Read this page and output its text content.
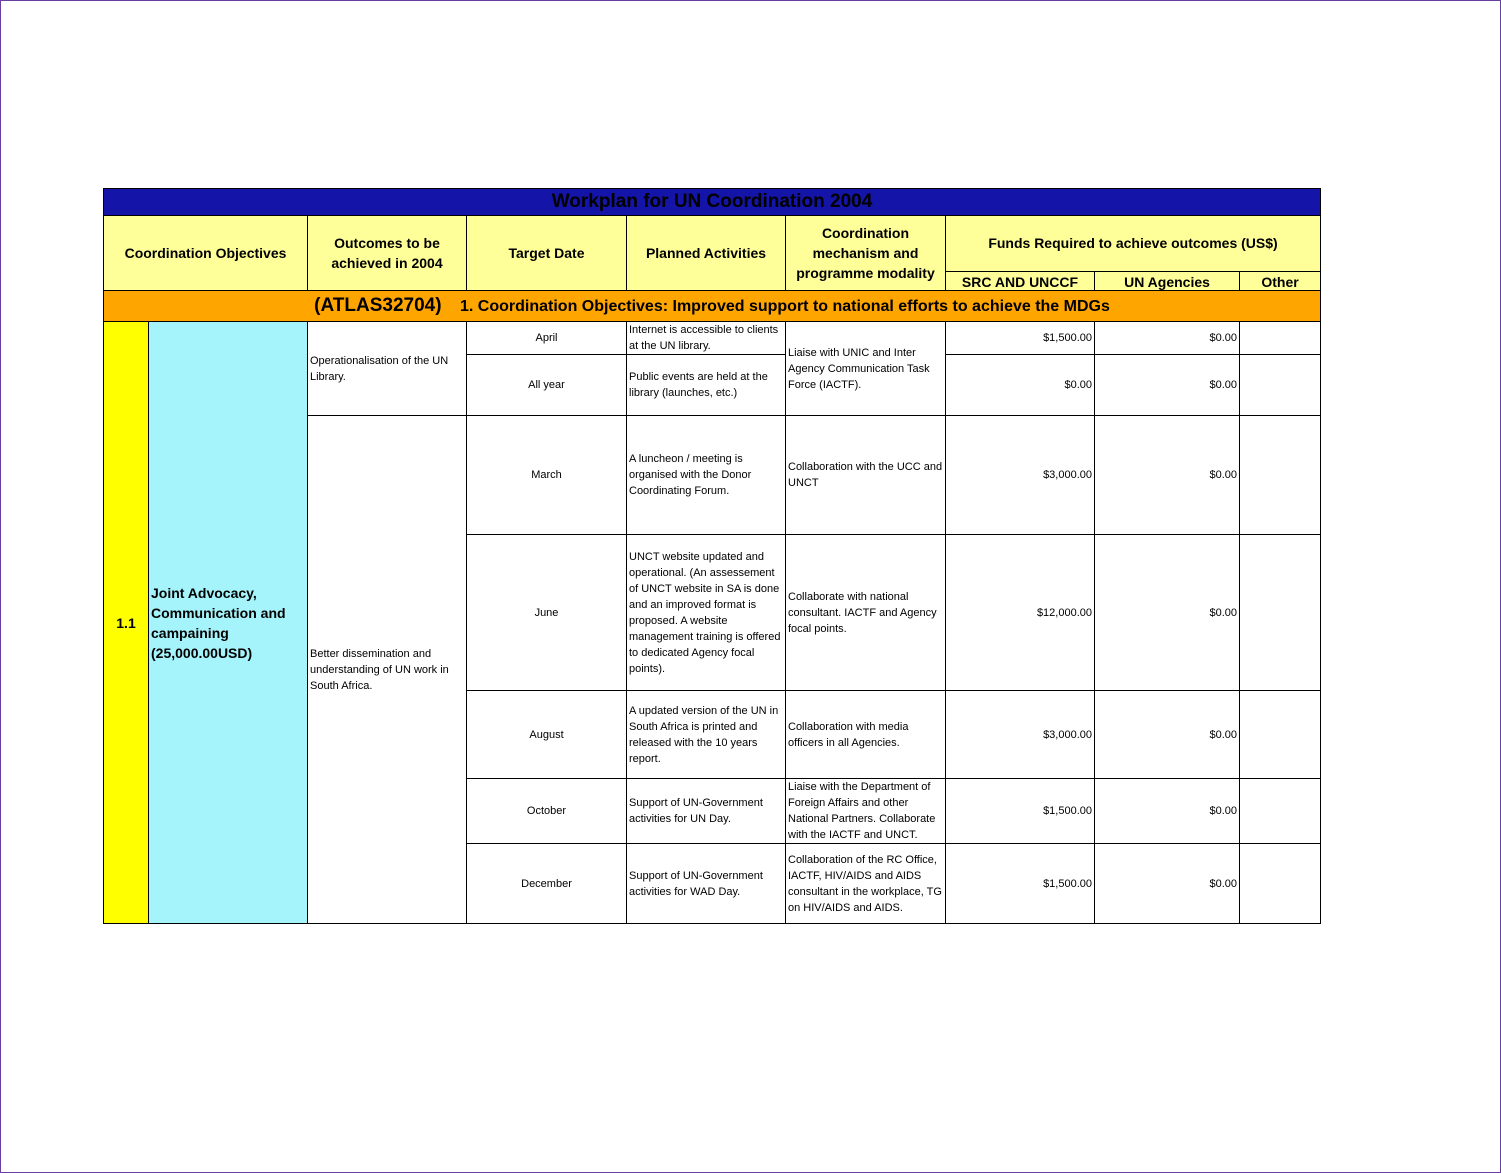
Workplan for UN Coordination 2004								
Coordination Objectives		Outcomes to be achieved in 2004	Target Date	Planned Activities	Coordination mechanism and programme modality	Funds Required to achieve outcomes (US$)		
						SRC AND UNCCF	UN Agencies	Other
(ATLAS32704) 1. Coordination Objectives: Improved support to national efforts to achieve the MDGs								
1.1	Joint Advocacy, Communication and campaining (25,000.00USD)	Operationalisation of the UN Library.	April	Internet is accessible to clients at the UN library.	Liaise with UNIC and Inter Agency Communication Task Force (IACTF).	$1,500.00	$0.00	
			All year	Public events are held at the library (launches, etc.)		$0.00	$0.00	
		Better dissemination and understanding of UN work in South Africa.	March	A luncheon / meeting is organised with the Donor Coordinating Forum.	Collaboration with the UCC and UNCT	$3,000.00	$0.00	
			June	UNCT website updated and operational. (An assessement of UNCT website in SA is done and an improved format is proposed. A website management training is offered to dedicated Agency focal points).	Collaborate with national consultant. IACTF and Agency focal points.	$12,000.00	$0.00	
			August	A updated version of the UN in South Africa is printed and released with the 10 years report.	Collaboration with media officers in all Agencies.	$3,000.00	$0.00	
			October	Support of UN-Government activities for UN Day.	Liaise with the Department of Foreign Affairs and other National Partners. Collaborate with the IACTF and UNCT.	$1,500.00	$0.00	
			December	Support of UN-Government activities for WAD Day.	Collaboration of the RC Office, IACTF, HIV/AIDS and AIDS consultant in the workplace, TG on HIV/AIDS and AIDS.	$1,500.00	$0.00	
